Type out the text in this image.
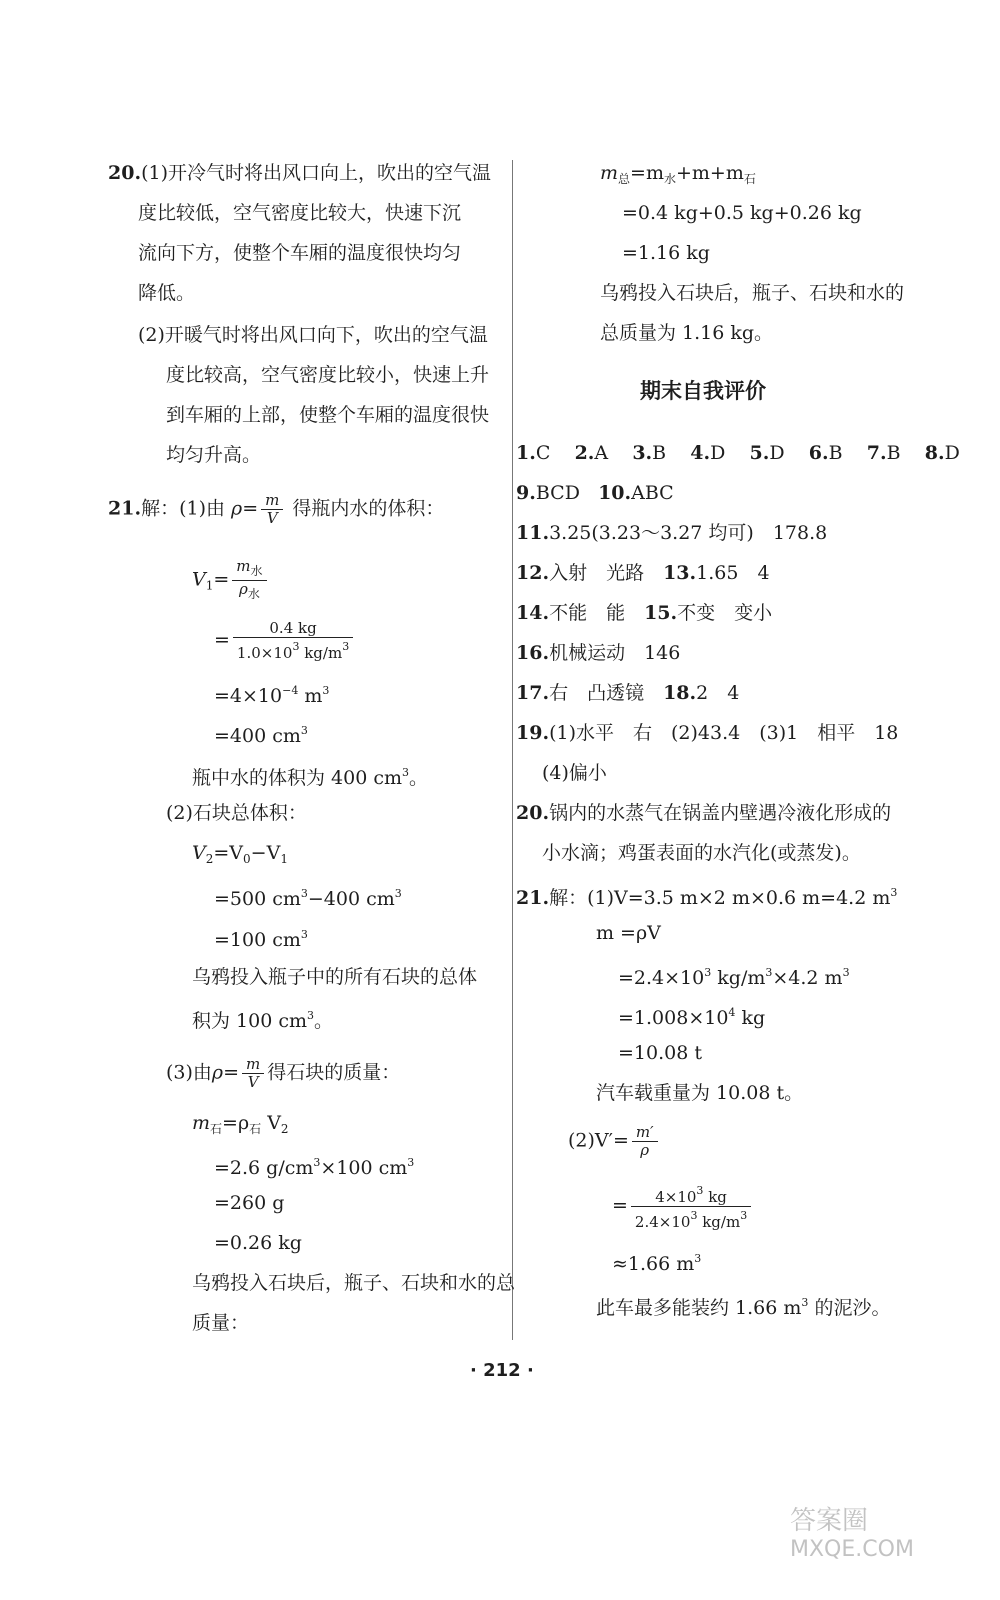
20.(1)开冷气时将出风口向上，吹出的空气温
度比较低，空气密度比较大，快速下沉
流向下方，使整个车厢的温度很快均匀
降低。
(2)开暖气时将出风口向下，吹出的空气温
度比较高，空气密度比较小，快速上升
到车厢的上部，使整个车厢的温度很快
均匀升高。
21.解：(1)由 $\rho= \frac{m}{V}$ 得瓶内水的体积：
$V_1= \frac{m_水}{\rho_水}$
= $\frac{0.4 kg}{1.0\times 10^3 kg/m^3}$
$=4\times 10^{-4}$ $m^3$
=400 $cm^3$
瓶中水的体积为 400 $cm^3$。
(2)石块总体积：
$V_2=V_0-V_1$
=500 $cm^3-400$ $cm^3$
=100 $cm^3$
乌鸦投入瓶子中的所有石块的总体
积为 100 $cm^3$。
(3)由$\rho= \frac{m}{V}$ 得石块的质量：
$m_石=\rho_石$ $V_2$
=2.6 $g/cm^3\times 100$ $cm^3$
=260 g
=0.26 kg
乌鸦投入石块后，瓶子、石块和水的总
质量：
$m_总=m_水+m+m_石$
=0.4 kg+0.5 kg+0.26 kg
=1.16 kg
乌鸦投入石块后，瓶子、石块和水的
总质量为 1.16 kg。
期末自我评价
1.C 2.A 3.B 4.D 5.D 6.B 7.B 8.D
9.BCD 10.ABC
11.3.25(3.23～3.27 均可)　178.8
12.入射　光路　13.1.65　4
14.不能　能　15.不变　变小
16.机械运动　146
17.右　凸透镜　18.2　4
19.(1)水平　右　(2)43.4　(3)1　相平　18
(4)偏小
20.锅内的水蒸气在锅盖内壁遇冷液化形成的
小水滴；鸡蛋表面的水汽化(或蒸发)。
21.解：(1)V=3.5 m×2 m×0.6 m=4.2 $m^3$
m =ρV
$=2.4\times 10^3$ $kg/m^3\times 4.2$ $m^3$
$=1.008\times 10^4$ kg
=10.08 t
汽车载重量为 10.08 t。
$(2)V'= \frac{m'}{\rho}$
= $\frac{4\times 10^3 kg}{2.4\times 10^3 kg/m^3}$
≈1.66 $m^3$
此车最多能装约 1.66 $m^3$ 的泥沙。
· 212 ·
答案圈
MXQE.COM
